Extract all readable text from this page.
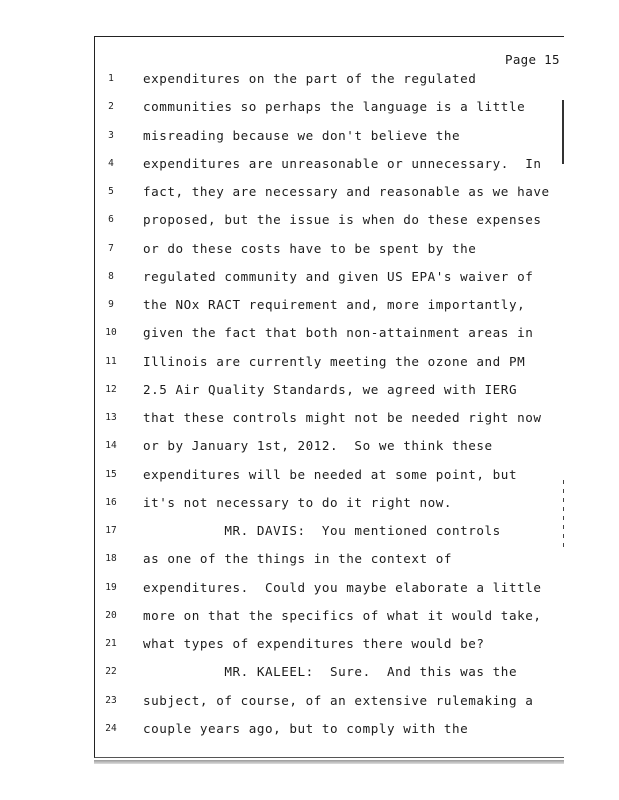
Page 15
1	expenditures on the part of the regulated
2	communities so perhaps the language is a little
3	misreading because we don't believe the
4	expenditures are unreasonable or unnecessary.  In
5	fact, they are necessary and reasonable as we have
6	proposed, but the issue is when do these expenses
7	or do these costs have to be spent by the
8	regulated community and given US EPA's waiver of
9	the NOx RACT requirement and, more importantly,
10	given the fact that both non-attainment areas in
11	Illinois are currently meeting the ozone and PM
12	2.5 Air Quality Standards, we agreed with IERG
13	that these controls might not be needed right now
14	or by January 1st, 2012.  So we think these
15	expenditures will be needed at some point, but
16	it's not necessary to do it right now.
17	MR. DAVIS:  You mentioned controls
18	as one of the things in the context of
19	expenditures.  Could you maybe elaborate a little
20	more on that the specifics of what it would take,
21	what types of expenditures there would be?
22	MR. KALEEL:  Sure.  And this was the
23	subject, of course, of an extensive rulemaking a
24	couple years ago, but to comply with the
